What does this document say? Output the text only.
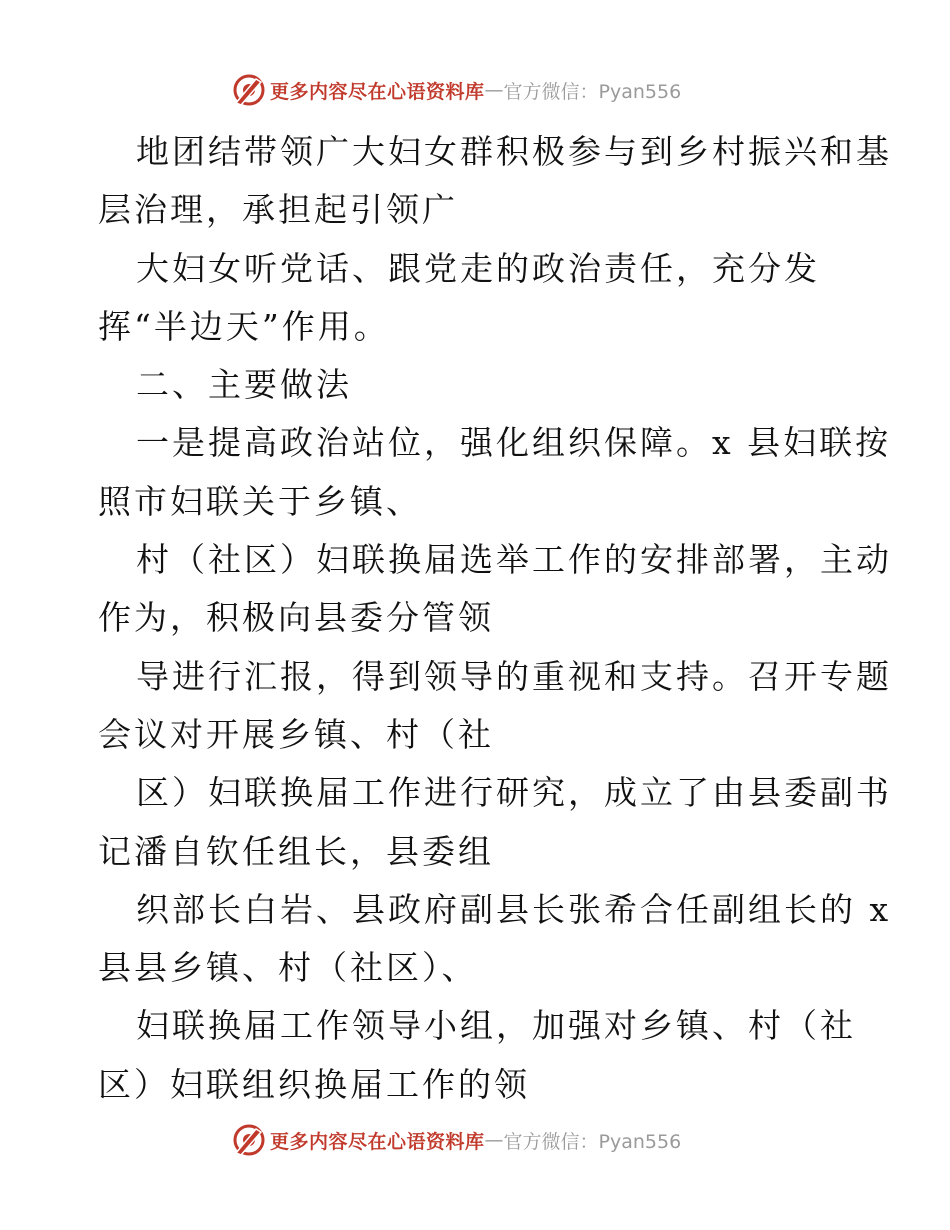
更多内容尽在心语资料库 — 官方微信：Pyan556
地团结带领广大妇女群积极参与到乡村振兴和基
层治理，承担起引领广
大妇女听党话、跟党走的政治责任，充分发
挥“半边天”作用。
二、主要做法
一是提高政治站位，强化组织保障。x 县妇联按
照市妇联关于乡镇、
村（社区）妇联换届选举工作的安排部署，主动
作为，积极向县委分管领
导进行汇报，得到领导的重视和支持。召开专题
会议对开展乡镇、村（社
区）妇联换届工作进行研究，成立了由县委副书
记潘自钦任组长，县委组
织部长白岩、县政府副县长张希合任副组长的 x
县县乡镇、村（社区）、
妇联换届工作领导小组，加强对乡镇、村（社
区）妇联组织换届工作的领
更多内容尽在心语资料库 — 官方微信：Pyan556
